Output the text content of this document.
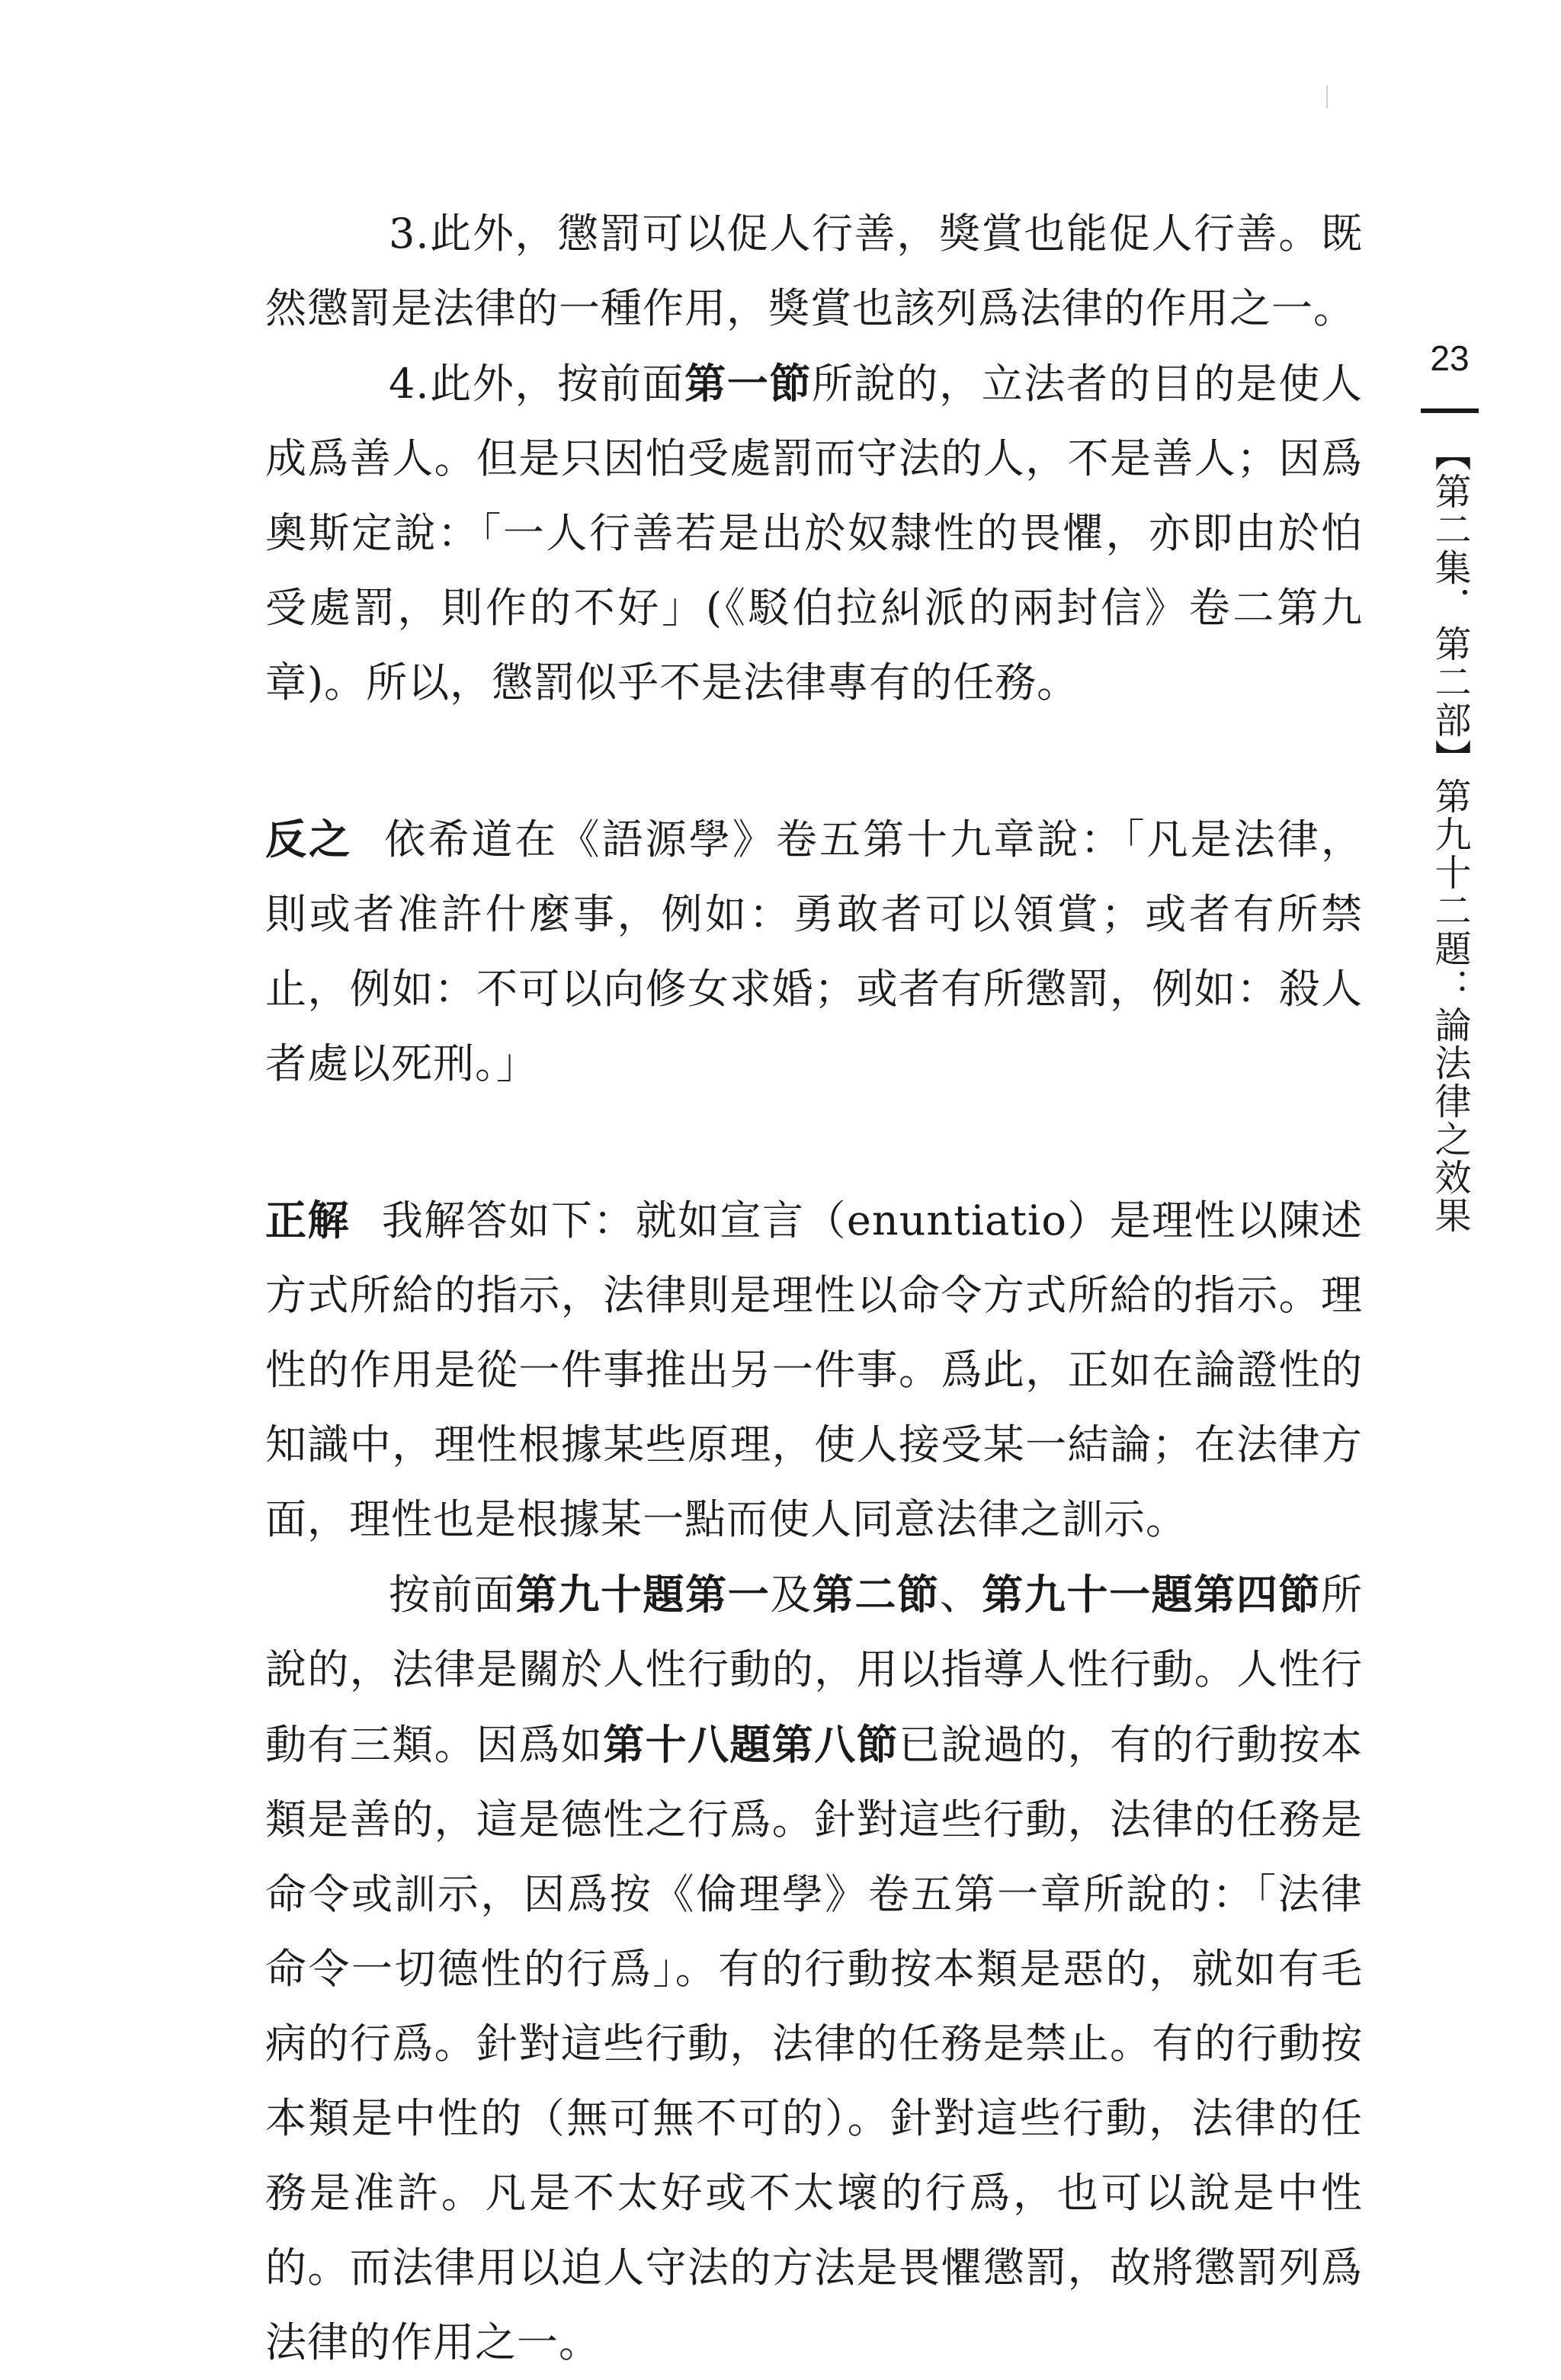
3.此外，懲罰可以促人行善，獎賞也能促人行善。既然懲罰是法律的一種作用，獎賞也該列爲法律的作用之一。

4.此外，按前面第一節所說的，立法者的目的是使人成爲善人。但是只因怕受處罰而守法的人，不是善人；因爲奧斯定說：「一人行善若是出於奴隸性的畏懼，亦即由於怕受處罰，則作的不好」(《駁伯拉糾派的兩封信》卷二第九章)。所以，懲罰似乎不是法律專有的任務。

反之 依希道在《語源學》卷五第十九章說：「凡是法律，則或者准許什麼事，例如：勇敢者可以領賞；或者有所禁止，例如：不可以向修女求婚；或者有所懲罰，例如：殺人者處以死刑。」

正解 我解答如下：就如宣言（enuntiatio）是理性以陳述方式所給的指示，法律則是理性以命令方式所給的指示。理性的作用是從一件事推出另一件事。爲此，正如在論證性的知識中，理性根據某些原理，使人接受某一結論；在法律方面，理性也是根據某一點而使人同意法律之訓示。

按前面第九十題第一及第二節、第九十一題第四節所說的，法律是關於人性行動的，用以指導人性行動。人性行動有三類。因爲如第十八題第八節已說過的，有的行動按本類是善的，這是德性之行爲。針對這些行動，法律的任務是命令或訓示，因爲按《倫理學》卷五第一章所說的：「法律命令一切德性的行爲」。有的行動按本類是惡的，就如有毛病的行爲。針對這些行動，法律的任務是禁止。有的行動按本類是中性的（無可無不可的）。針對這些行動，法律的任務是准許。凡是不太好或不太壞的行爲，也可以說是中性的。而法律用以迫人守法的方法是畏懼懲罰，故將懲罰列爲法律的作用之一。

23
【第二集．第二部】第九十二題：論法律之效果
